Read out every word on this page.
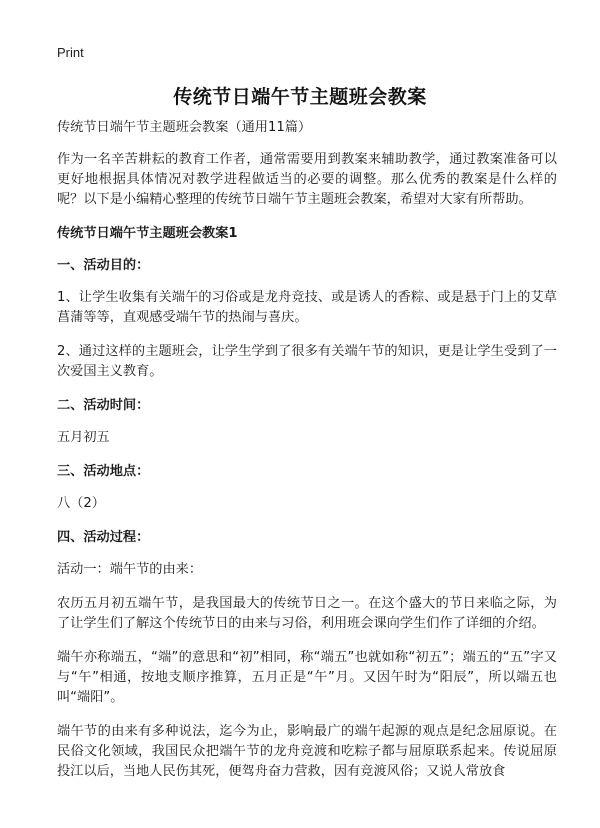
Print
传统节日端午节主题班会教案

传统节日端午节主题班会教案（通用11篇）

作为一名辛苦耕耘的教育工作者，通常需要用到教案来辅助教学，通过教案准备可以更好地根据具体情况对教学进程做适当的必要的调整。那么优秀的教案是什么样的呢？以下是小编精心整理的传统节日端午节主题班会教案，希望对大家有所帮助。

传统节日端午节主题班会教案1

一、活动目的：

1、让学生收集有关端午的习俗或是龙舟竞技、或是诱人的香粽、或是悬于门上的艾草菖蒲等等，直观感受端午节的热闹与喜庆。

2、通过这样的主题班会，让学生学到了很多有关端午节的知识，更是让学生受到了一次爱国主义教育。

二、活动时间：

五月初五

三、活动地点：

八（2）

四、活动过程：

活动一：端午节的由来：

农历五月初五端午节，是我国最大的传统节日之一。在这个盛大的节日来临之际，为了让学生们了解这个传统节日的由来与习俗，利用班会课向学生们作了详细的介绍。

端午亦称端五，“端”的意思和“初”相同，称“端五”也就如称“初五”；端五的“五”字又与“午”相通，按地支顺序推算，五月正是“午”月。又因午时为“阳辰”，所以端五也叫“端阳”。

端午节的由来有多种说法，迄今为止，影响最广的端午起源的观点是纪念屈原说。在民俗文化领域，我国民众把端午节的龙舟竞渡和吃粽子都与屈原联系起来。传说屈原投江以后，当地人民伤其死，便驾舟奋力营救，因有竞渡风俗；又说人常放食
